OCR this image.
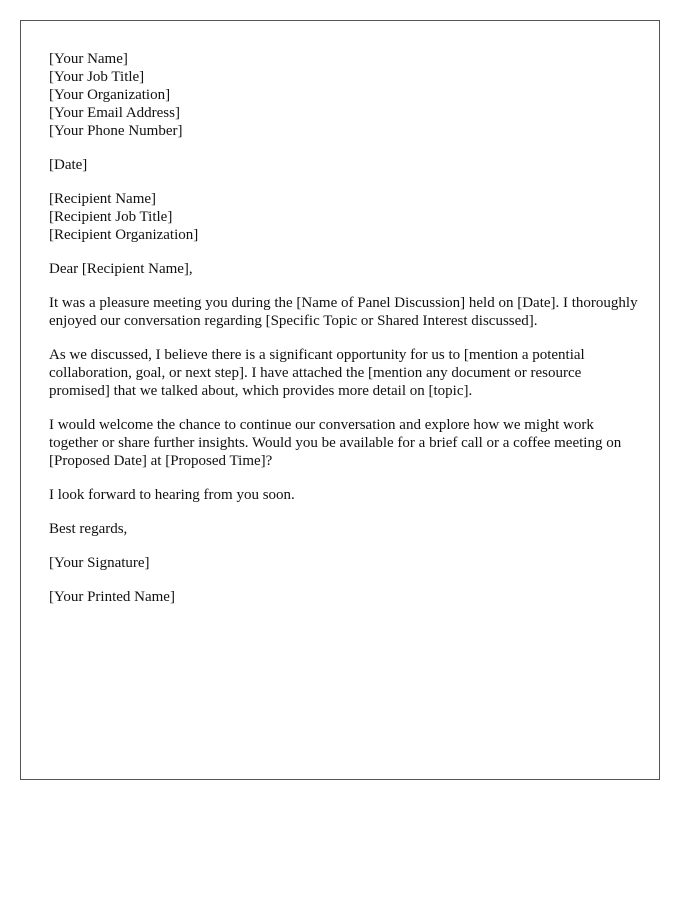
[Your Name]
[Your Job Title]
[Your Organization]
[Your Email Address]
[Your Phone Number]
[Date]
[Recipient Name]
[Recipient Job Title]
[Recipient Organization]

Dear [Recipient Name],

It was a pleasure meeting you during the [Name of Panel Discussion] held on [Date]. I thoroughly enjoyed our conversation regarding [Specific Topic or Shared Interest discussed].

As we discussed, I believe there is a significant opportunity for us to [mention a potential collaboration, goal, or next step]. I have attached the [mention any document or resource promised] that we talked about, which provides more detail on [topic].

I would welcome the chance to continue our conversation and explore how we might work together or share further insights. Would you be available for a brief call or a coffee meeting on [Proposed Date] at [Proposed Time]?

I look forward to hearing from you soon.

Best regards,

[Your Signature]

[Your Printed Name]
